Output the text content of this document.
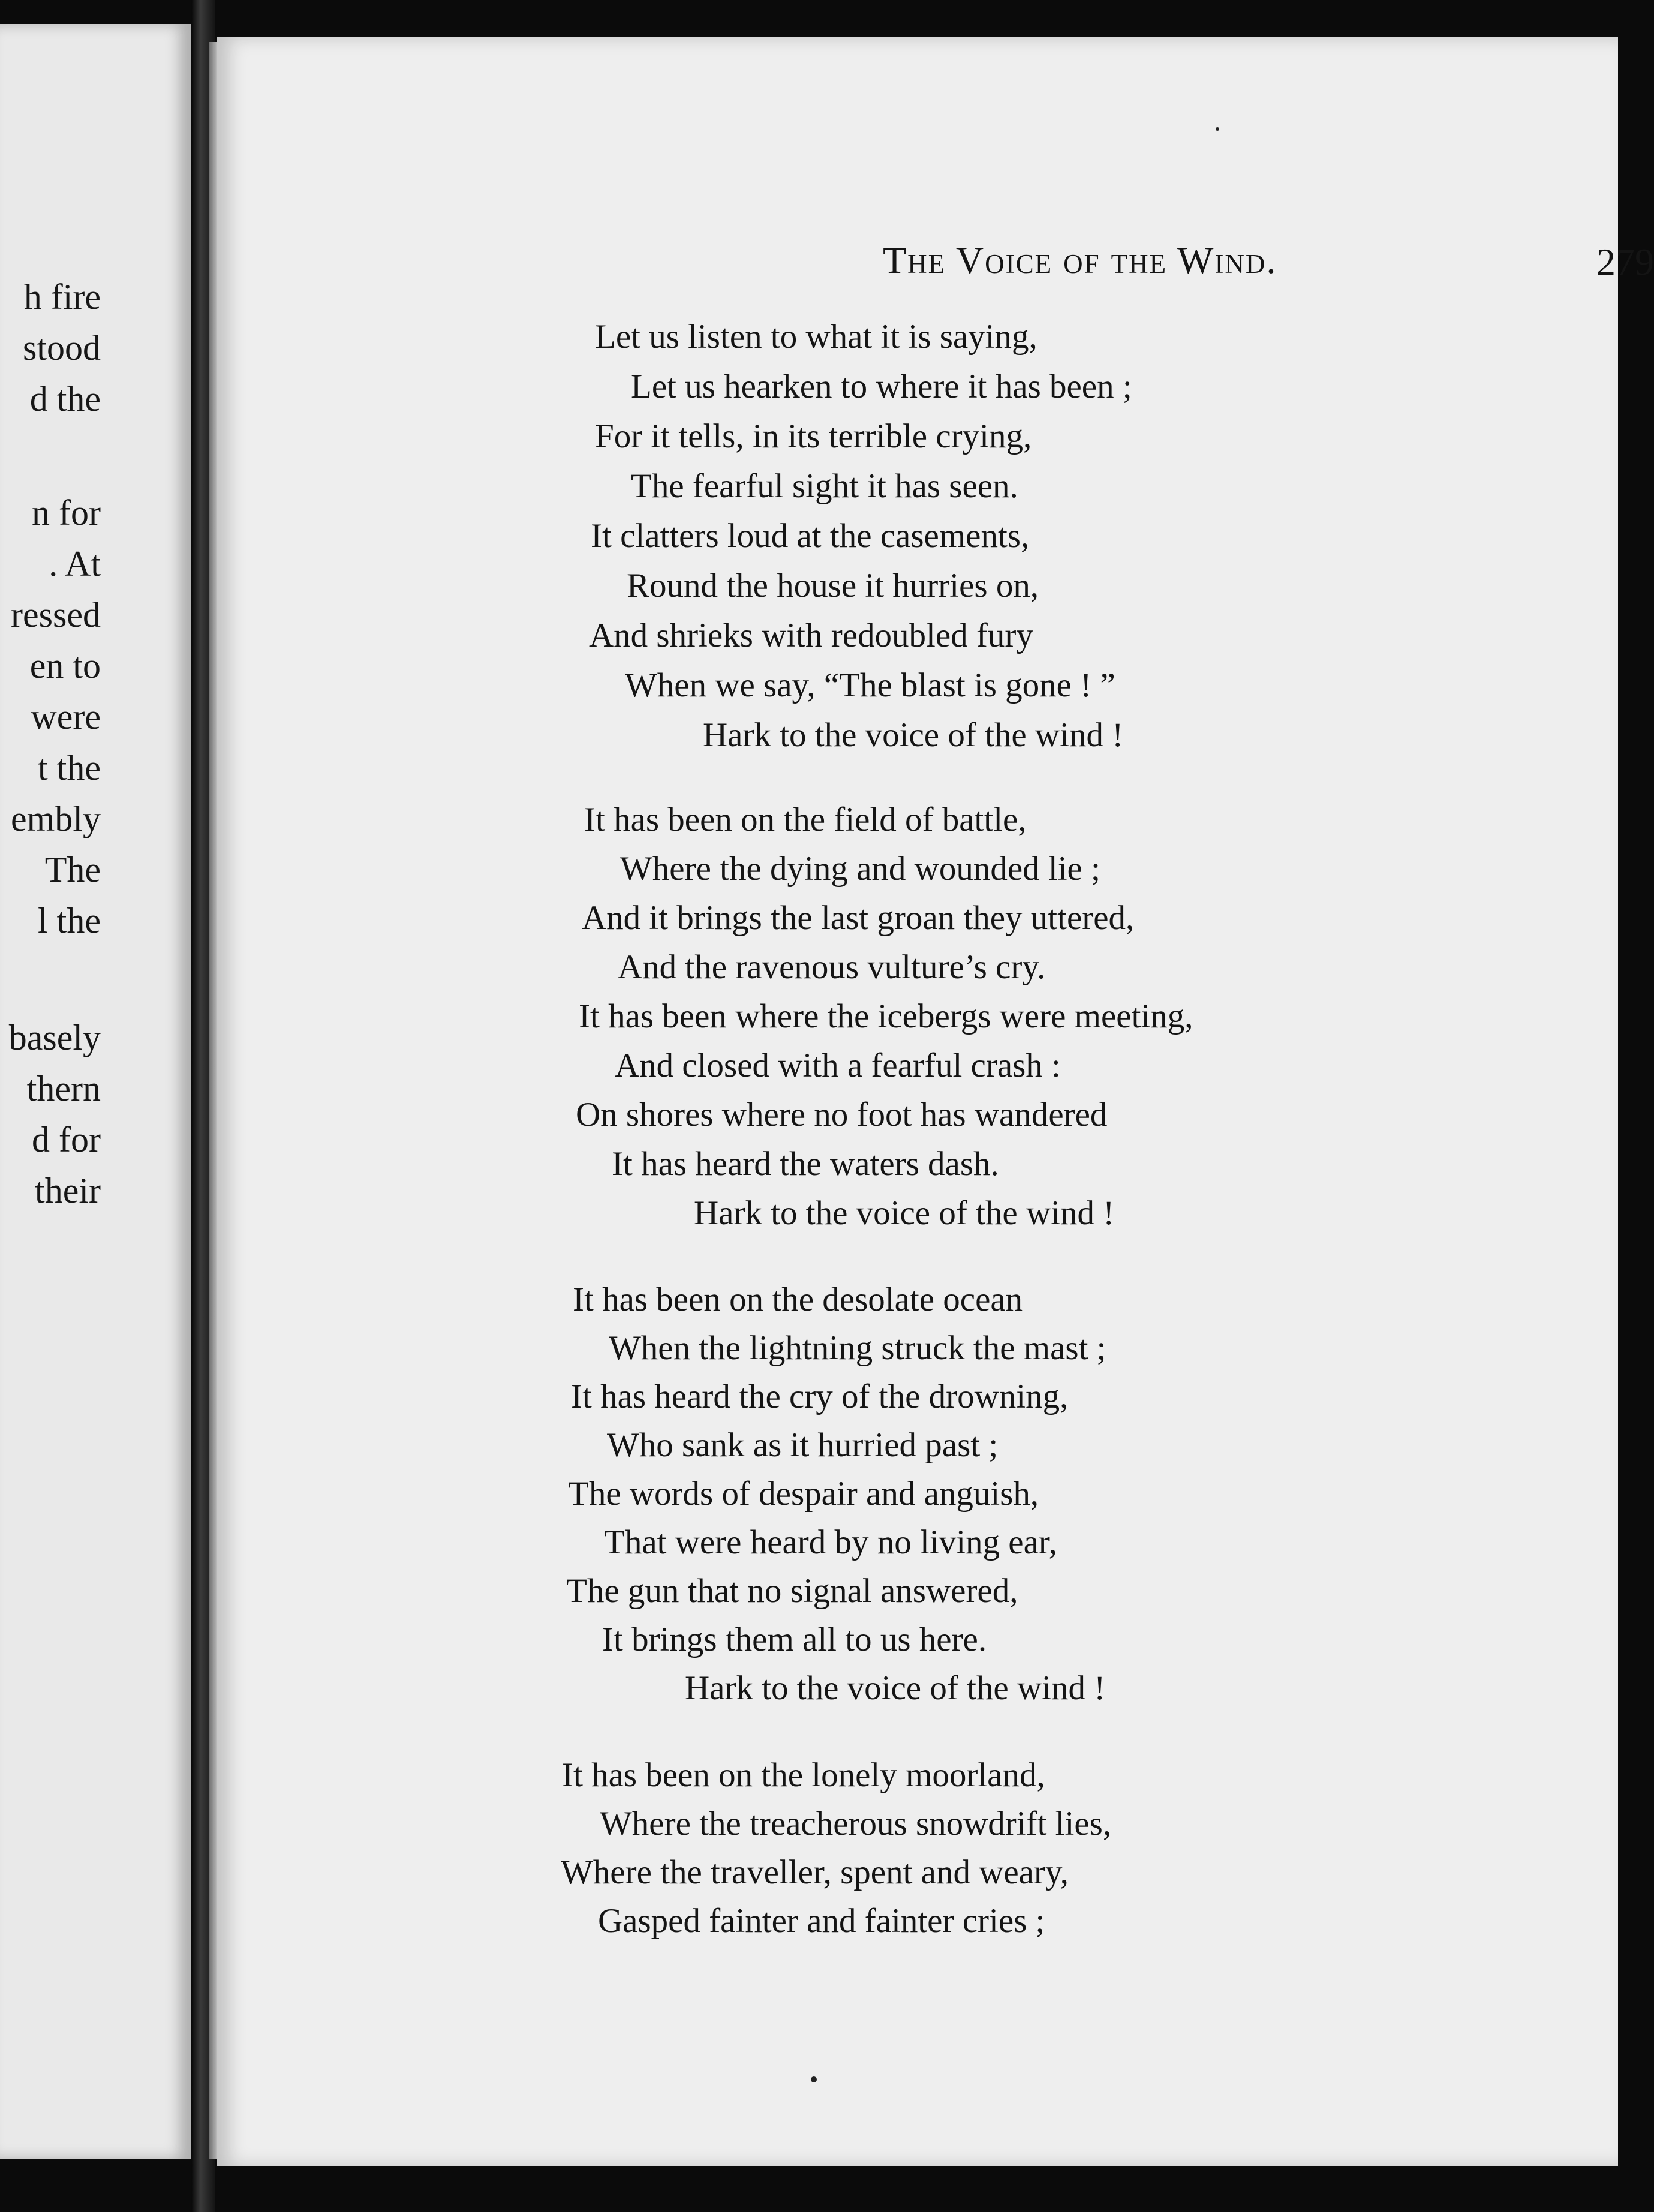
h fire
stood
d the
n for
. At
ressed
en to
were
t the
embly
The
l the
basely
thern
d for
their
The Voice of the Wind.	279
Let us listen to what it is saying,
Let us hearken to where it has been ;
For it tells, in its terrible crying,
The fearful sight it has seen.
It clatters loud at the casements,
Round the house it hurries on,
And shrieks with redoubled fury
When we say, “The blast is gone ! ”
Hark to the voice of the wind !
It has been on the field of battle,
Where the dying and wounded lie ;
And it brings the last groan they uttered,
And the ravenous vulture’s cry.
It has been where the icebergs were meeting,
And closed with a fearful crash :
On shores where no foot has wandered
It has heard the waters dash.
Hark to the voice of the wind !
It has been on the desolate ocean
When the lightning struck the mast ;
It has heard the cry of the drowning,
Who sank as it hurried past ;
The words of despair and anguish,
That were heard by no living ear,
The gun that no signal answered,
It brings them all to us here.
Hark to the voice of the wind !
It has been on the lonely moorland,
Where the treacherous snowdrift lies,
Where the traveller, spent and weary,
Gasped fainter and fainter cries ;
